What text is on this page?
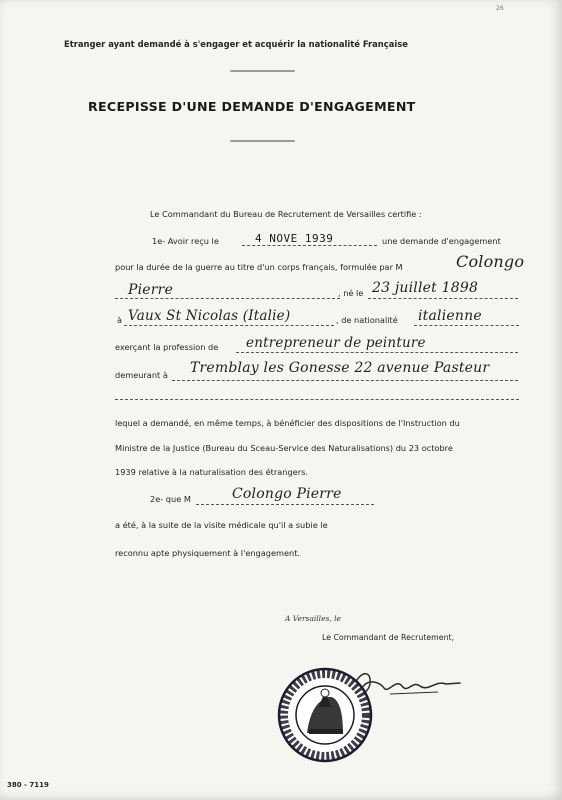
26
Etranger ayant demandé à s'engager et acquérir la nationalité Française
RECEPISSE D'UNE DEMANDE D'ENGAGEMENT
Le Commandant du Bureau de Recrutement de Versailles certifie :
1e- Avoir reçu le	4 NOVE 1939	une demande d'engagement
pour la durée de la guerre au titre d'un corps français, formulée par M	Colongo
Pierre	, né le 23 juillet 1898
à Vaux St Nicolas (Italie)	, de nationalité italienne
exerçant la profession de entrepreneur de peinture
demeurant à Tremblay les Gonesse 22 avenue Pasteur
lequel a demandé, en même temps, à bénéficier des dispositions de l'Instruction du
Ministre de la Justice (Bureau du Sceau-Service des Naturalisations) du 23 octobre
1939 relative à la naturalisation des étrangers.
2e- que M	Colongo Pierre
a été, à la suite de la visite médicale qu'il a subie le
reconnu apte physiquement à l'engagement.
A Versailles, le
Le Commandant de Recrutement,
380 - 7119
